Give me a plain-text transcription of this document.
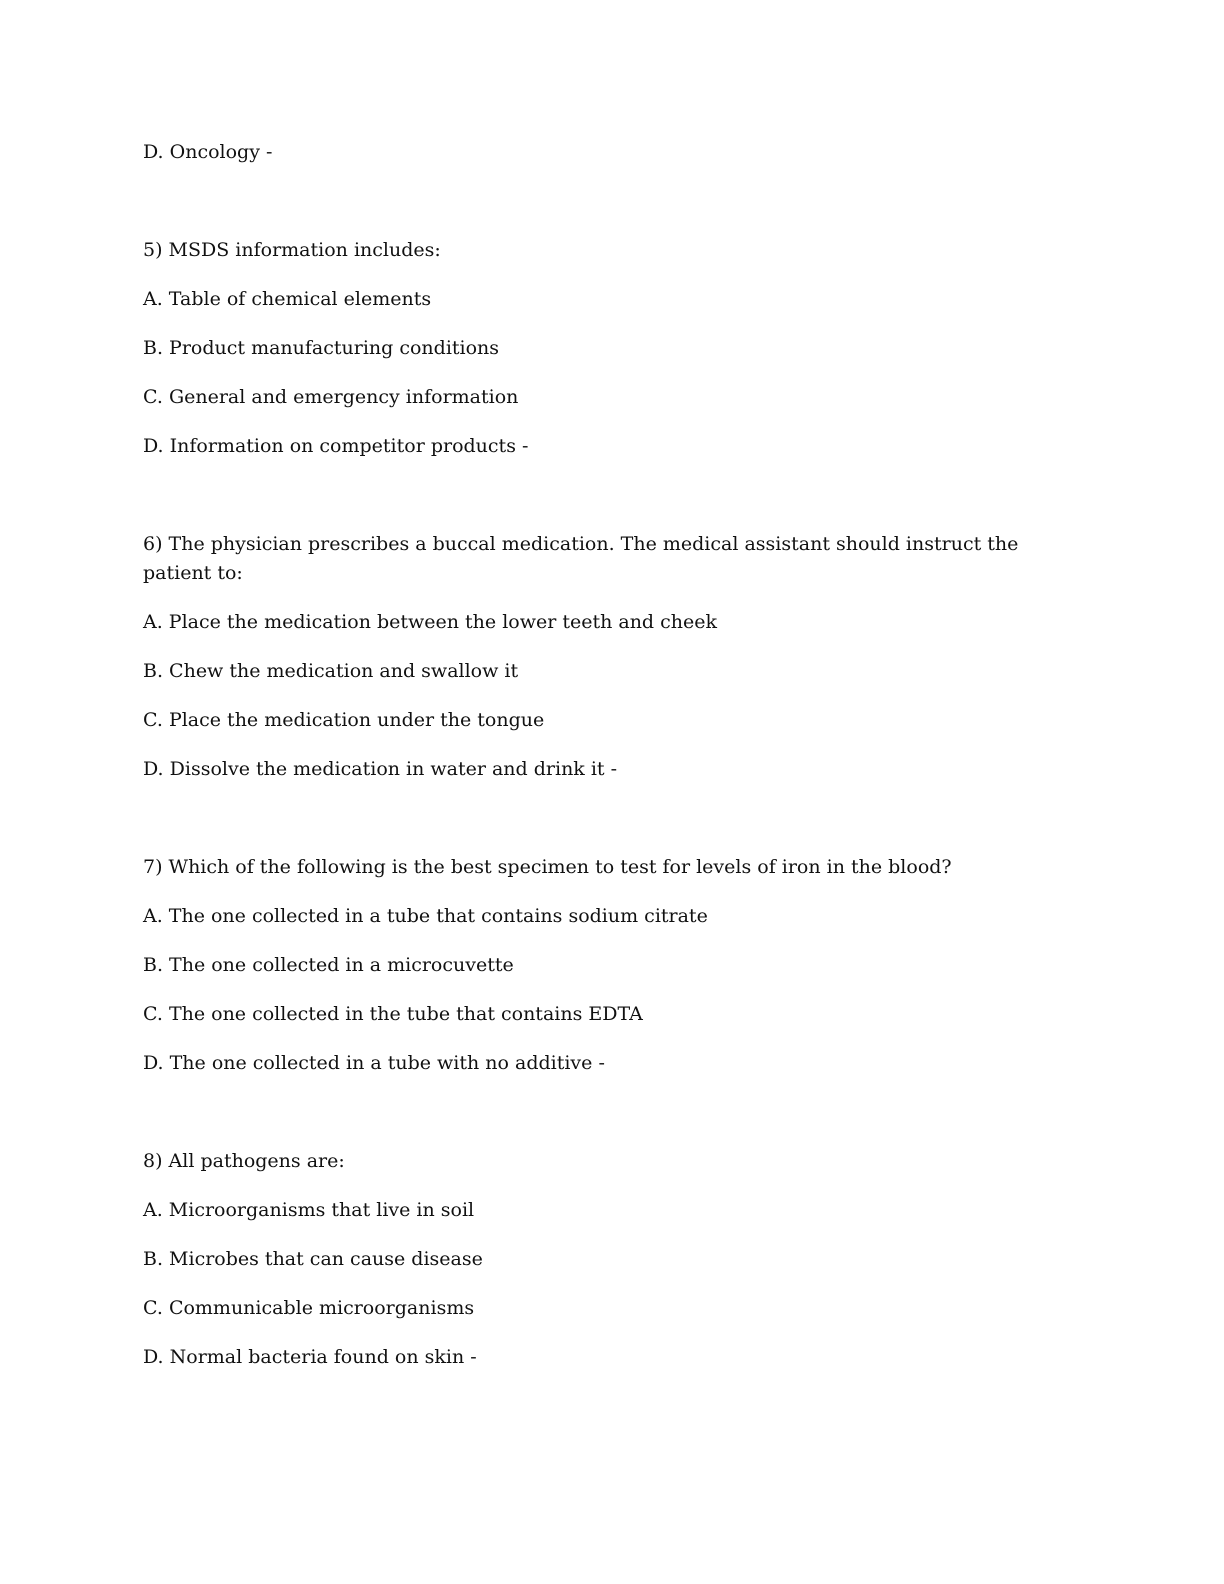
D. Oncology -
5) MSDS information includes:
A. Table of chemical elements
B. Product manufacturing conditions
C. General and emergency information
D. Information on competitor products -
6) The physician prescribes a buccal medication. The medical assistant should instruct the patient to:
A. Place the medication between the lower teeth and cheek
B. Chew the medication and swallow it
C. Place the medication under the tongue
D. Dissolve the medication in water and drink it -
7) Which of the following is the best specimen to test for levels of iron in the blood?
A. The one collected in a tube that contains sodium citrate
B. The one collected in a microcuvette
C. The one collected in the tube that contains EDTA
D. The one collected in a tube with no additive -
8) All pathogens are:
A. Microorganisms that live in soil
B. Microbes that can cause disease
C. Communicable microorganisms
D. Normal bacteria found on skin -
